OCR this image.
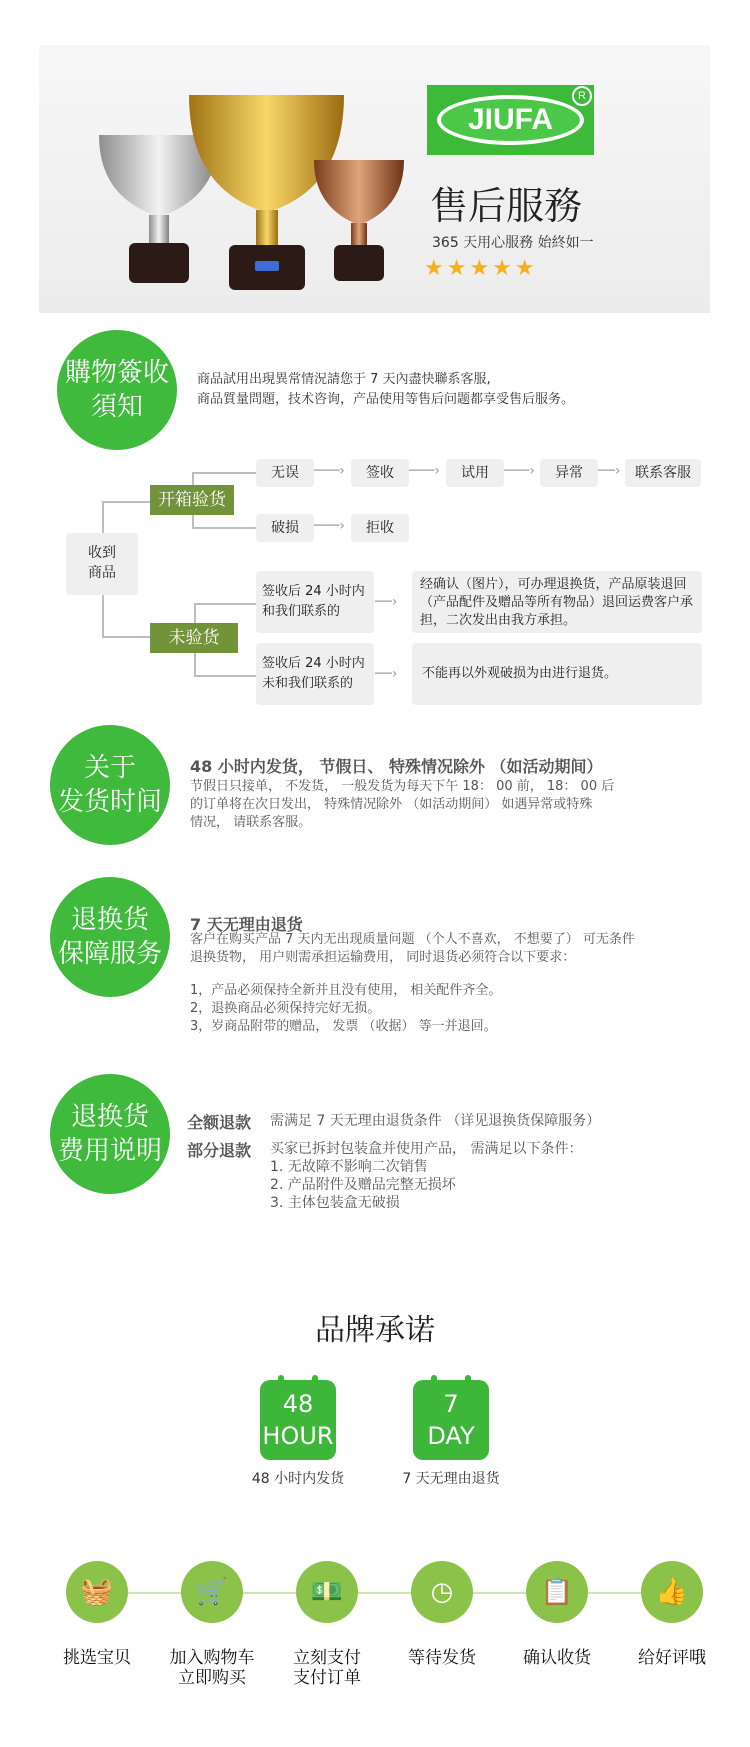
JIUFA
R
售后服務
365 天用心服務 始終如一
★★★★★
購物簽收
須知
商品試用出現異常情況請您于 7 天內盡快聯系客服,
商品質量問題，技术咨询，产品使用等售后问题都享受售后服务。
收到
商品
开箱验货
未验货
无误	───›	签收	───›	试用	───›	异常	──›	联系客服
破损	───›	拒收
签收后 24 小时内
和我们联系的
──›
经确认（图片），可办理退换货，产品原装退回（产品配件及赠品等所有物品）退回运费客户承担，二次发出由我方承担。
签收后 24 小时内
未和我们联系的
──›	不能再以外观破损为由进行退货。
关于
发货时间
48 小时内发货， 节假日、 特殊情况除外 （如活动期间）
节假日只接单， 不发货， 一般发货为每天下午 18： 00 前， 18： 00 后
的订单将在次日发出， 特殊情况除外 （如活动期间） 如遇异常或特殊
情况， 请联系客服。
退换货
保障服务
7 天无理由退货
客户在购买产品 7 天内无出现质量问题 （个人不喜欢， 不想要了） 可无条件
退换货物， 用户则需承担运输费用， 同时退货必须符合以下要求：
1，产品必须保持全新并且没有使用， 相关配件齐全。
2，退换商品必须保持完好无损。
3，岁商品附带的赠品， 发票 （收据） 等一并退回。
退换货
费用说明
全额退款 需满足 7 天无理由退货条件 （详见退换货保障服务）
部分退款 买家已拆封包装盒并使用产品， 需满足以下条件：
1. 无故障不影响二次销售
2. 产品附件及赠品完整无损坏
3. 主体包装盒无破损
品牌承诺
48
HOUR
48 小时内发货
7
DAY
7 天无理由退货
🧺	🛒	💵	◷	📋	👍
挑选宝贝	加入购物车
立即购买
立刻支付
支付订单
等待发货	确认收货	给好评哦
